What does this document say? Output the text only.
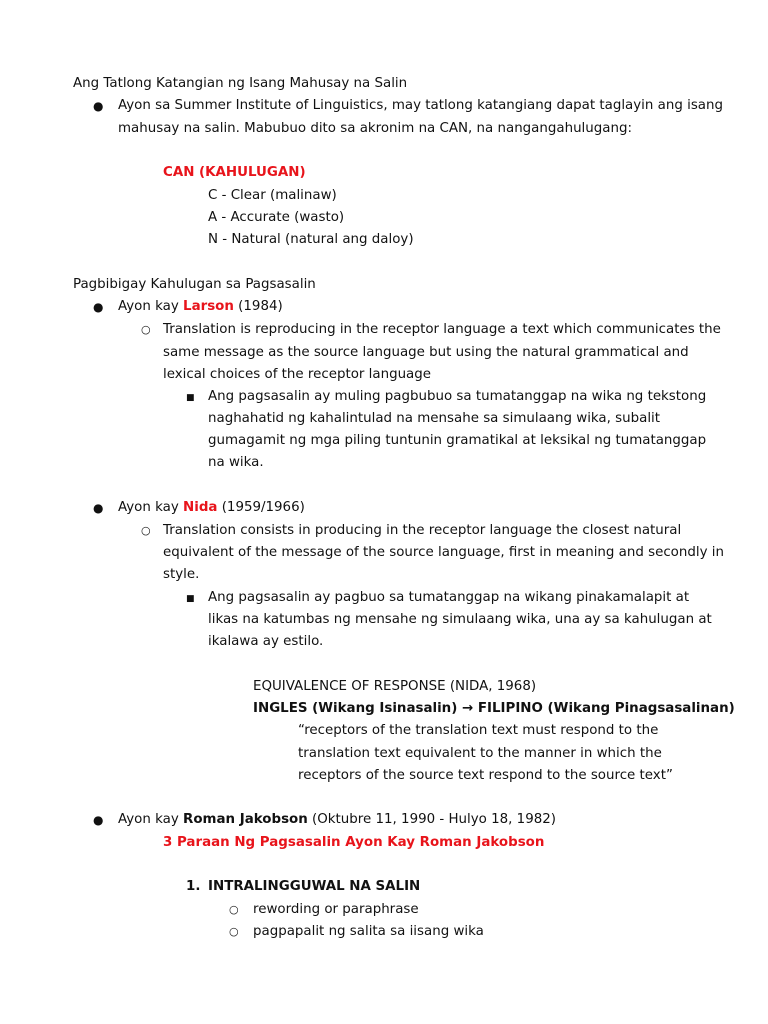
Ang Tatlong Katangian ng Isang Mahusay na Salin
● Ayon sa Summer Institute of Linguistics, may tatlong katangiang dapat taglayin ang isang
mahusay na salin. Mabubuo dito sa akronim na CAN, na nangangahulugang:
CAN (KAHULUGAN)
C - Clear (malinaw)
A - Accurate (wasto)
N - Natural (natural ang daloy)
Pagbibigay Kahulugan sa Pagsasalin
● Ayon kay Larson (1984)
○ Translation is reproducing in the receptor language a text which communicates the
same message as the source language but using the natural grammatical and
lexical choices of the receptor language
■ Ang pagsasalin ay muling pagbubuo sa tumatanggap na wika ng tekstong
naghahatid ng kahalintulad na mensahe sa simulaang wika, subalit
gumagamit ng mga piling tuntunin gramatikal at leksikal ng tumatanggap
na wika.
● Ayon kay Nida (1959/1966)
○ Translation consists in producing in the receptor language the closest natural
equivalent of the message of the source language, first in meaning and secondly in
style.
■ Ang pagsasalin ay pagbuo sa tumatanggap na wikang pinakamalapit at
likas na katumbas ng mensahe ng simulaang wika, una ay sa kahulugan at
ikalawa ay estilo.
EQUIVALENCE OF RESPONSE (NIDA, 1968)
INGLES (Wikang Isinasalin) → FILIPINO (Wikang Pinagsasalinan)
“receptors of the translation text must respond to the
translation text equivalent to the manner in which the
receptors of the source text respond to the source text”
● Ayon kay Roman Jakobson (Oktubre 11, 1990 - Hulyo 18, 1982)
3 Paraan Ng Pagsasalin Ayon Kay Roman Jakobson
1. INTRALINGGUWAL NA SALIN
○ rewording or paraphrase
○ pagpapalit ng salita sa iisang wika
